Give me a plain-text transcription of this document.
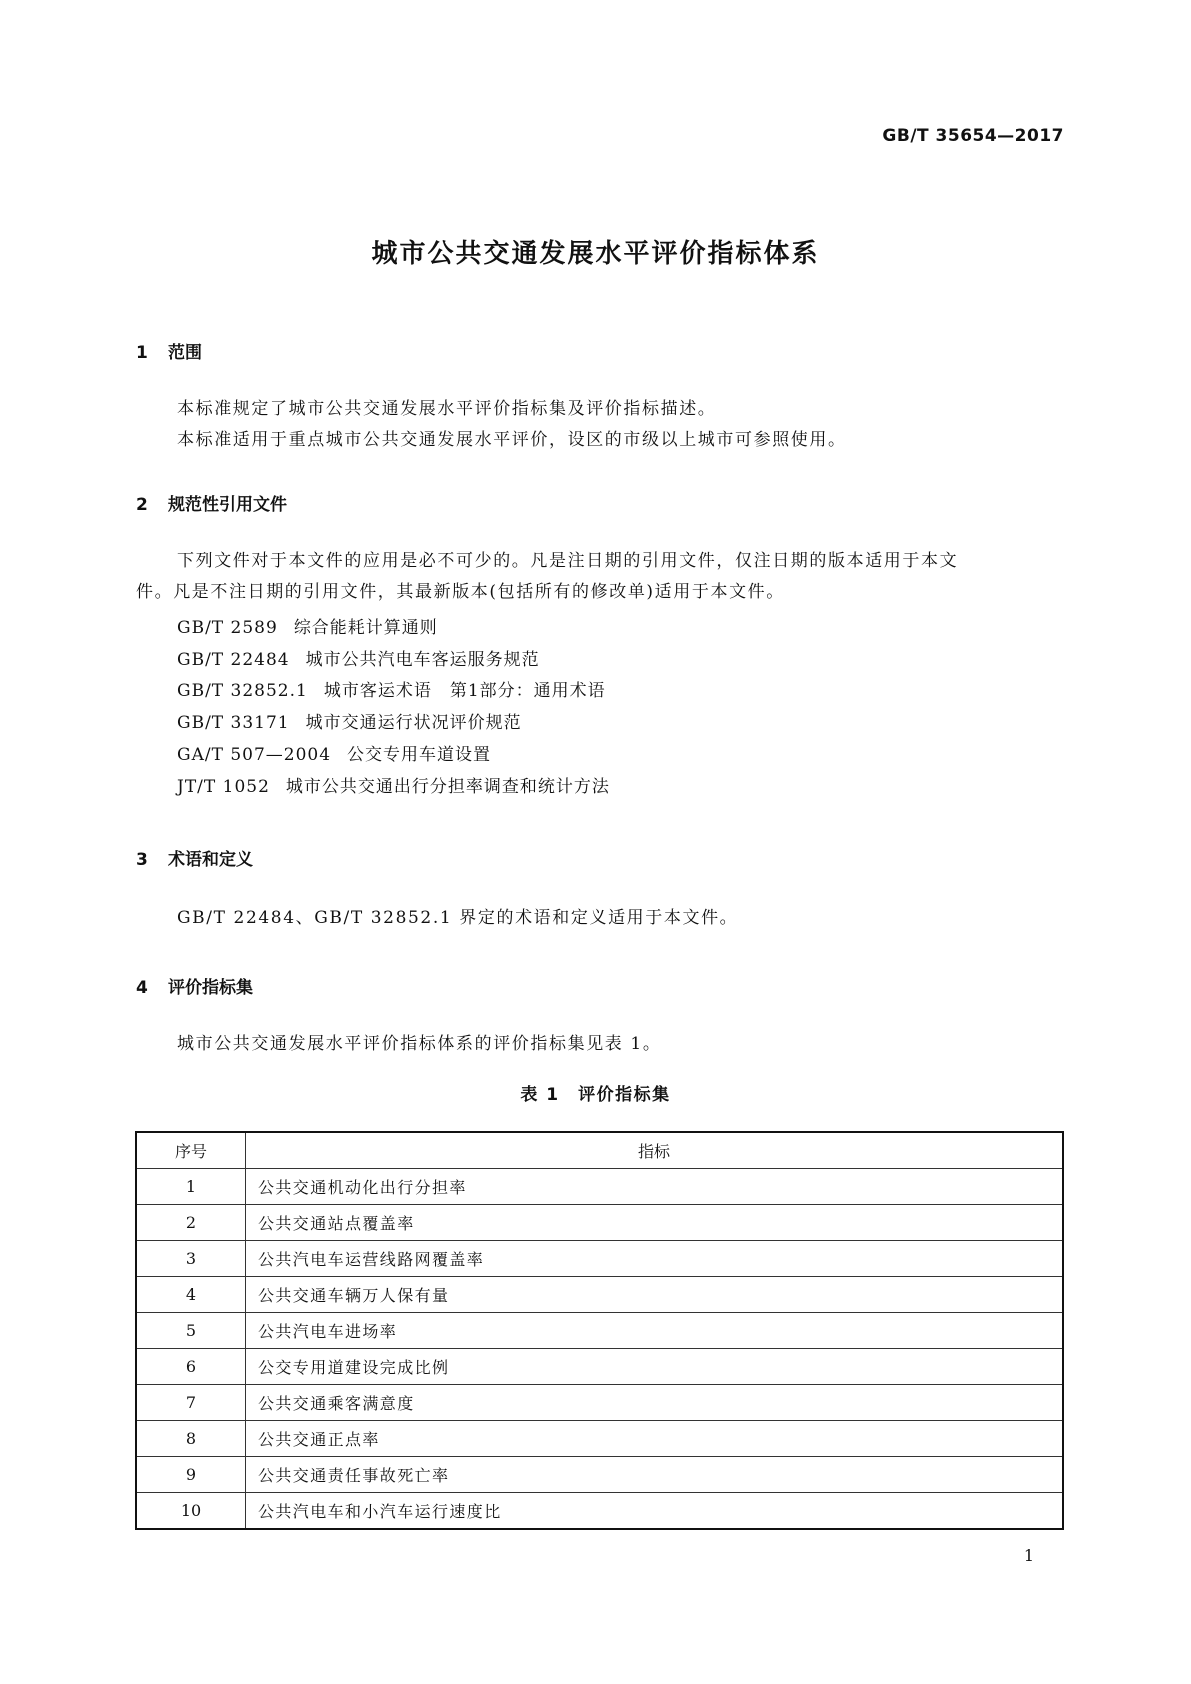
GB/T 35654—2017
城市公共交通发展水平评价指标体系
1 范围
本标准规定了城市公共交通发展水平评价指标集及评价指标描述。
本标准适用于重点城市公共交通发展水平评价，设区的市级以上城市可参照使用。
2 规范性引用文件
下列文件对于本文件的应用是必不可少的。凡是注日期的引用文件，仅注日期的版本适用于本文
件。凡是不注日期的引用文件，其最新版本(包括所有的修改单)适用于本文件。
GB/T 2589 综合能耗计算通则
GB/T 22484 城市公共汽电车客运服务规范
GB/T 32852.1 城市客运术语　第1部分：通用术语
GB/T 33171 城市交通运行状况评价规范
GA/T 507—2004 公交专用车道设置
JT/T 1052 城市公共交通出行分担率调查和统计方法
3 术语和定义
GB/T 22484、GB/T 32852.1 界定的术语和定义适用于本文件。
4 评价指标集
城市公共交通发展水平评价指标体系的评价指标集见表 1。
表 1　评价指标集
序号	指标
1	公共交通机动化出行分担率
2	公共交通站点覆盖率
3	公共汽电车运营线路网覆盖率
4	公共交通车辆万人保有量
5	公共汽电车进场率
6	公交专用道建设完成比例
7	公共交通乘客满意度
8	公共交通正点率
9	公共交通责任事故死亡率
10	公共汽电车和小汽车运行速度比
1
